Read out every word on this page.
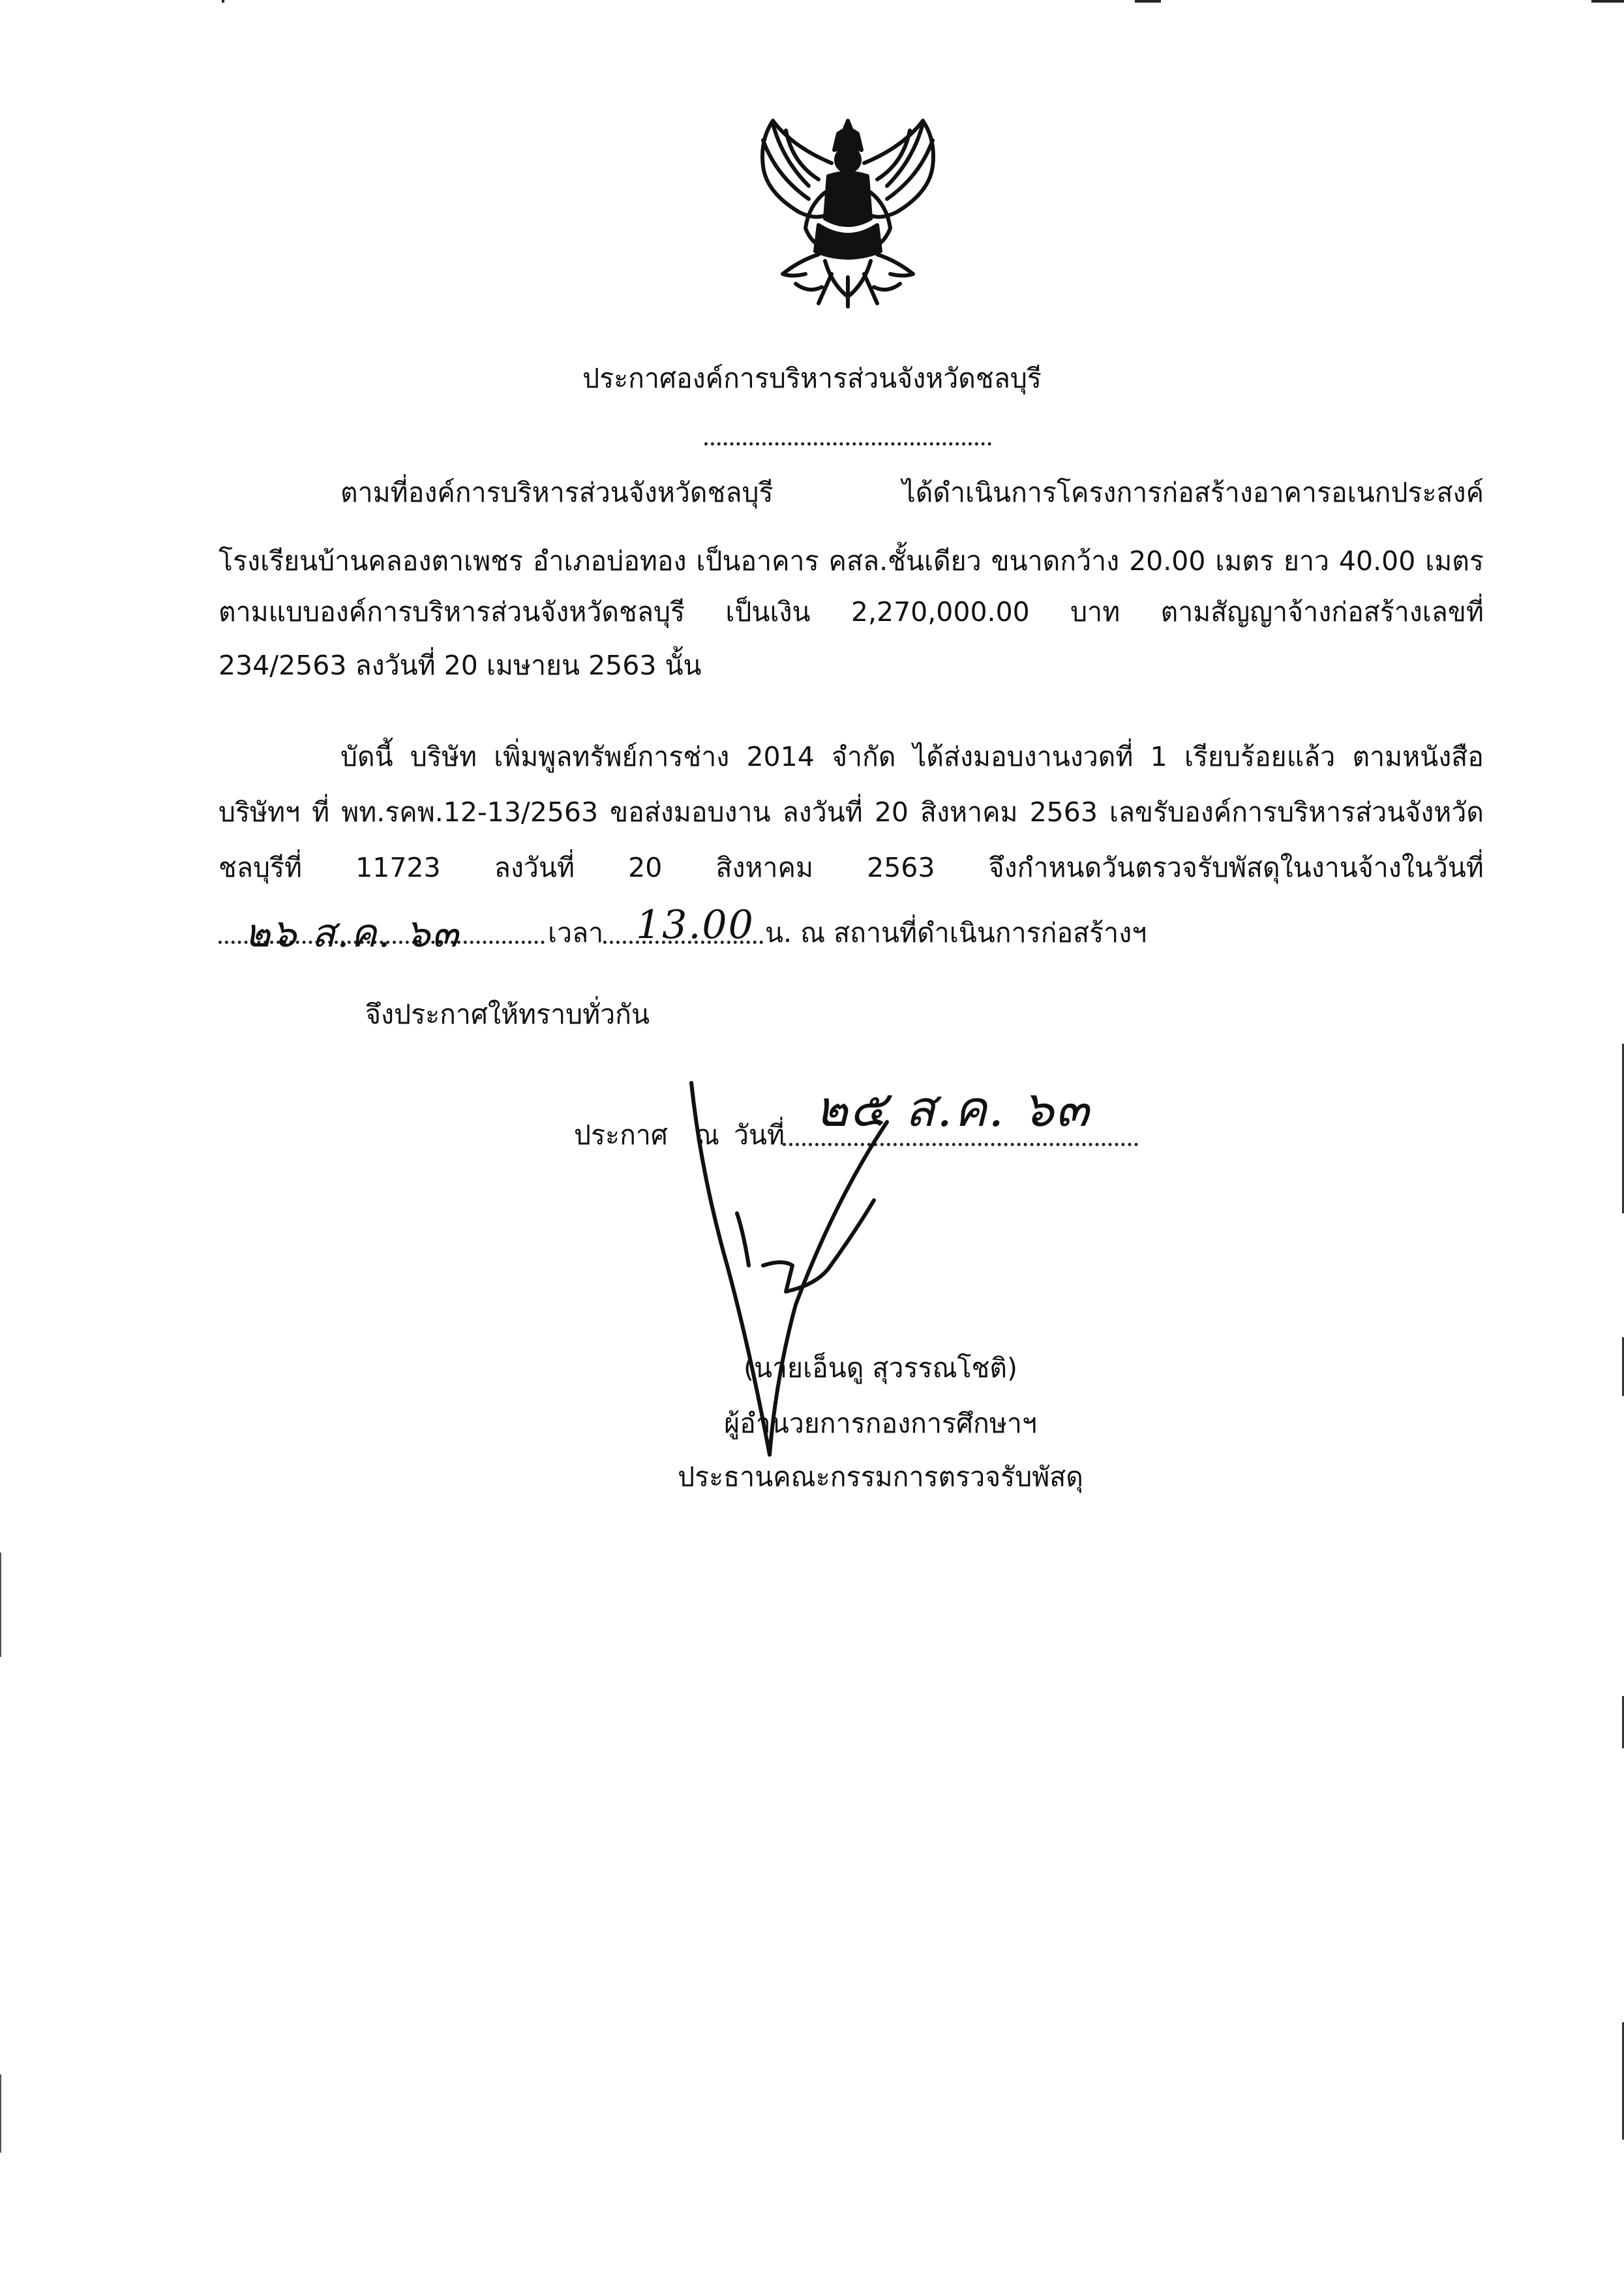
ประกาศองค์การบริหารส่วนจังหวัดชลบุรี
ตามที่องค์การบริหารส่วนจังหวัดชลบุรี	ได้ดำเนินการโครงการก่อสร้างอาคารอเนกประสงค์
โรงเรียนบ้านคลองตาเพชร อำเภอบ่อทอง เป็นอาคาร คสล.ชั้นเดียว ขนาดกว้าง 20.00 เมตร ยาว 40.00 เมตร
ตามแบบองค์การบริหารส่วนจังหวัดชลบุรี เป็นเงิน 2,270,000.00 บาท ตามสัญญาจ้างก่อสร้างเลขที่
234/2563 ลงวันที่ 20 เมษายน 2563 นั้น
บัดนี้ บริษัท เพิ่มพูลทรัพย์การช่าง 2014 จำกัด ได้ส่งมอบงานงวดที่ 1 เรียบร้อยแล้ว ตามหนังสือ
บริษัทฯ ที่ พท.รคพ.12-13/2563 ขอส่งมอบงาน ลงวันที่ 20 สิงหาคม 2563 เลขรับองค์การบริหารส่วนจังหวัด
ชลบุรีที่ 11723 ลงวันที่ 20 สิงหาคม 2563 จึงกำหนดวันตรวจรับพัสดุในงานจ้างในวันที่
๒๖ ส.ค. ๖๓	เวลา 13.00 น. ณ สถานที่ดำเนินการก่อสร้างฯ
จึงประกาศให้ทราบทั่วกัน
ประกาศ ณ วันที่ ๒๕ ส.ค. ๖๓
(นายเอ็นดู สุวรรณโชติ)
ผู้อำนวยการกองการศึกษาฯ
ประธานคณะกรรมการตรวจรับพัสดุ
